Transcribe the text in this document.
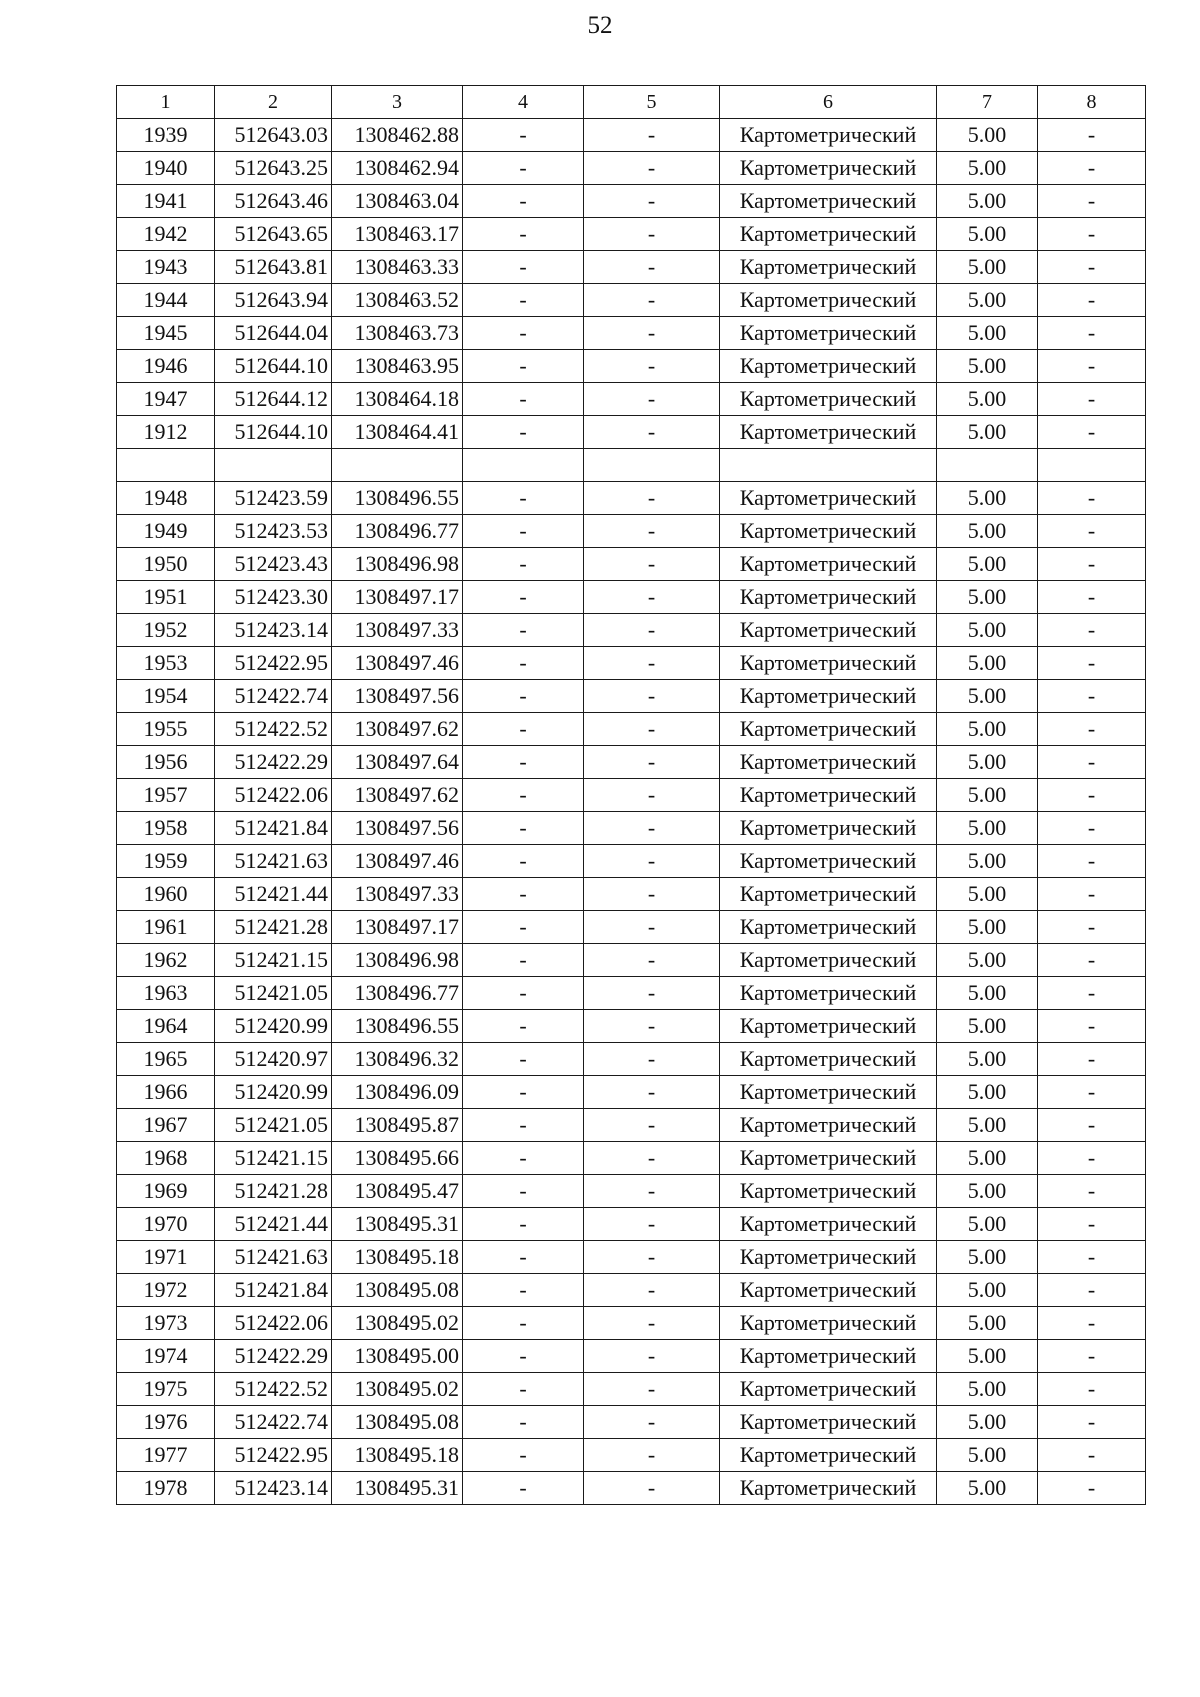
52
1	2	3	4	5	6	7	8
1939	512643.03	1308462.88	-	-	Картометрический	5.00	-
1940	512643.25	1308462.94	-	-	Картометрический	5.00	-
1941	512643.46	1308463.04	-	-	Картометрический	5.00	-
1942	512643.65	1308463.17	-	-	Картометрический	5.00	-
1943	512643.81	1308463.33	-	-	Картометрический	5.00	-
1944	512643.94	1308463.52	-	-	Картометрический	5.00	-
1945	512644.04	1308463.73	-	-	Картометрический	5.00	-
1946	512644.10	1308463.95	-	-	Картометрический	5.00	-
1947	512644.12	1308464.18	-	-	Картометрический	5.00	-
1912	512644.10	1308464.41	-	-	Картометрический	5.00	-

1948	512423.59	1308496.55	-	-	Картометрический	5.00	-
1949	512423.53	1308496.77	-	-	Картометрический	5.00	-
1950	512423.43	1308496.98	-	-	Картометрический	5.00	-
1951	512423.30	1308497.17	-	-	Картометрический	5.00	-
1952	512423.14	1308497.33	-	-	Картометрический	5.00	-
1953	512422.95	1308497.46	-	-	Картометрический	5.00	-
1954	512422.74	1308497.56	-	-	Картометрический	5.00	-
1955	512422.52	1308497.62	-	-	Картометрический	5.00	-
1956	512422.29	1308497.64	-	-	Картометрический	5.00	-
1957	512422.06	1308497.62	-	-	Картометрический	5.00	-
1958	512421.84	1308497.56	-	-	Картометрический	5.00	-
1959	512421.63	1308497.46	-	-	Картометрический	5.00	-
1960	512421.44	1308497.33	-	-	Картометрический	5.00	-
1961	512421.28	1308497.17	-	-	Картометрический	5.00	-
1962	512421.15	1308496.98	-	-	Картометрический	5.00	-
1963	512421.05	1308496.77	-	-	Картометрический	5.00	-
1964	512420.99	1308496.55	-	-	Картометрический	5.00	-
1965	512420.97	1308496.32	-	-	Картометрический	5.00	-
1966	512420.99	1308496.09	-	-	Картометрический	5.00	-
1967	512421.05	1308495.87	-	-	Картометрический	5.00	-
1968	512421.15	1308495.66	-	-	Картометрический	5.00	-
1969	512421.28	1308495.47	-	-	Картометрический	5.00	-
1970	512421.44	1308495.31	-	-	Картометрический	5.00	-
1971	512421.63	1308495.18	-	-	Картометрический	5.00	-
1972	512421.84	1308495.08	-	-	Картометрический	5.00	-
1973	512422.06	1308495.02	-	-	Картометрический	5.00	-
1974	512422.29	1308495.00	-	-	Картометрический	5.00	-
1975	512422.52	1308495.02	-	-	Картометрический	5.00	-
1976	512422.74	1308495.08	-	-	Картометрический	5.00	-
1977	512422.95	1308495.18	-	-	Картометрический	5.00	-
1978	512423.14	1308495.31	-	-	Картометрический	5.00	-
